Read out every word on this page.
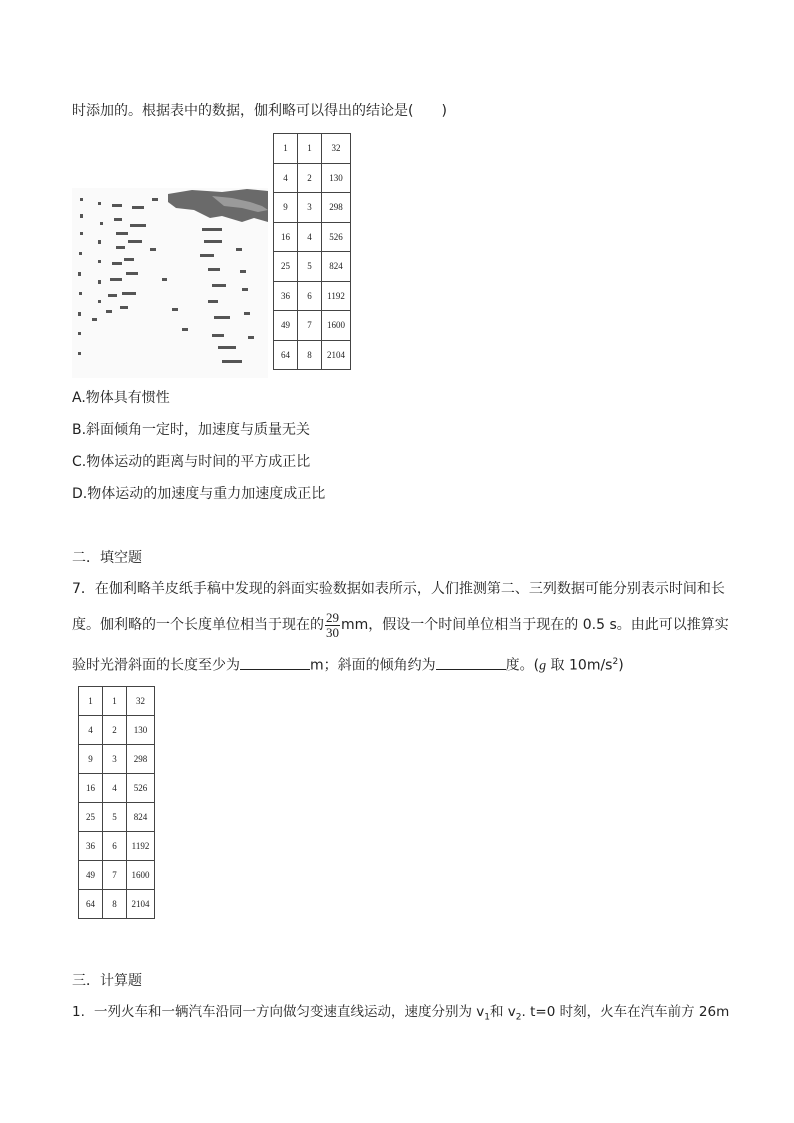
时添加的。根据表中的数据，伽利略可以得出的结论是(　　)
1	1	32
4	2	130
9	3	298
16	4	526
25	5	824
36	6	1192
49	7	1600
64	8	2104
A.物体具有惯性
B.斜面倾角一定时，加速度与质量无关
C.物体运动的距离与时间的平方成正比
D.物体运动的加速度与重力加速度成正比
二．填空题
7．在伽利略羊皮纸手稿中发现的斜面实验数据如表所示，人们推测第二、三列数据可能分别表示时间和长
度。伽利略的一个长度单位相当于现在的 $\frac{29}{30}$ mm，假设一个时间单位相当于现在的 0.5 s。由此可以推算实
验时光滑斜面的长度至少为	m；斜面的倾角约为	度。(g 取 $10m/s^2$)
1	1	32
4	2	130
9	3	298
16	4	526
25	5	824
36	6	1192
49	7	1600
64	8	2104
三．计算题
1. 一列火车和一辆汽车沿同一方向做匀变速直线运动，速度分别为 $v_1$和 $v_2$. t=0 时刻，火车在汽车前方 26m
